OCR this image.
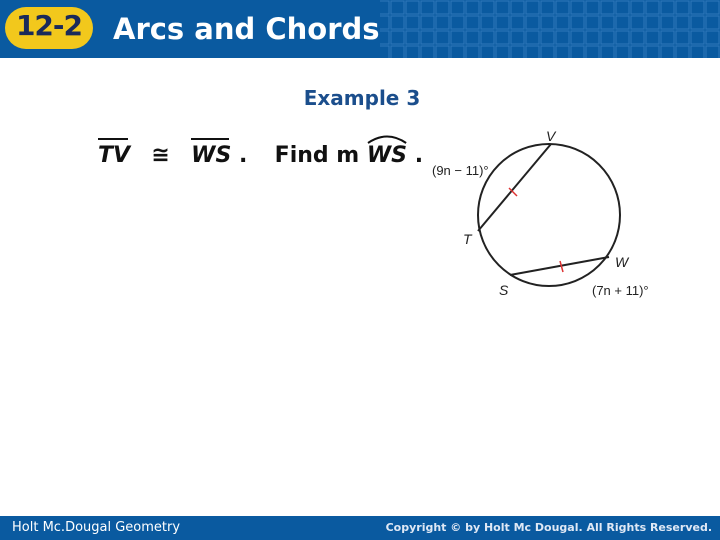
12-2	Arcs and Chords
Example 3
TV ≅ WS . Find m WS .
V
T
S
W
(9n − 11)°
(7n + 11)°
Holt Mc.Dougal Geometry	Copyright © by Holt Mc Dougal. All Rights Reserved.
